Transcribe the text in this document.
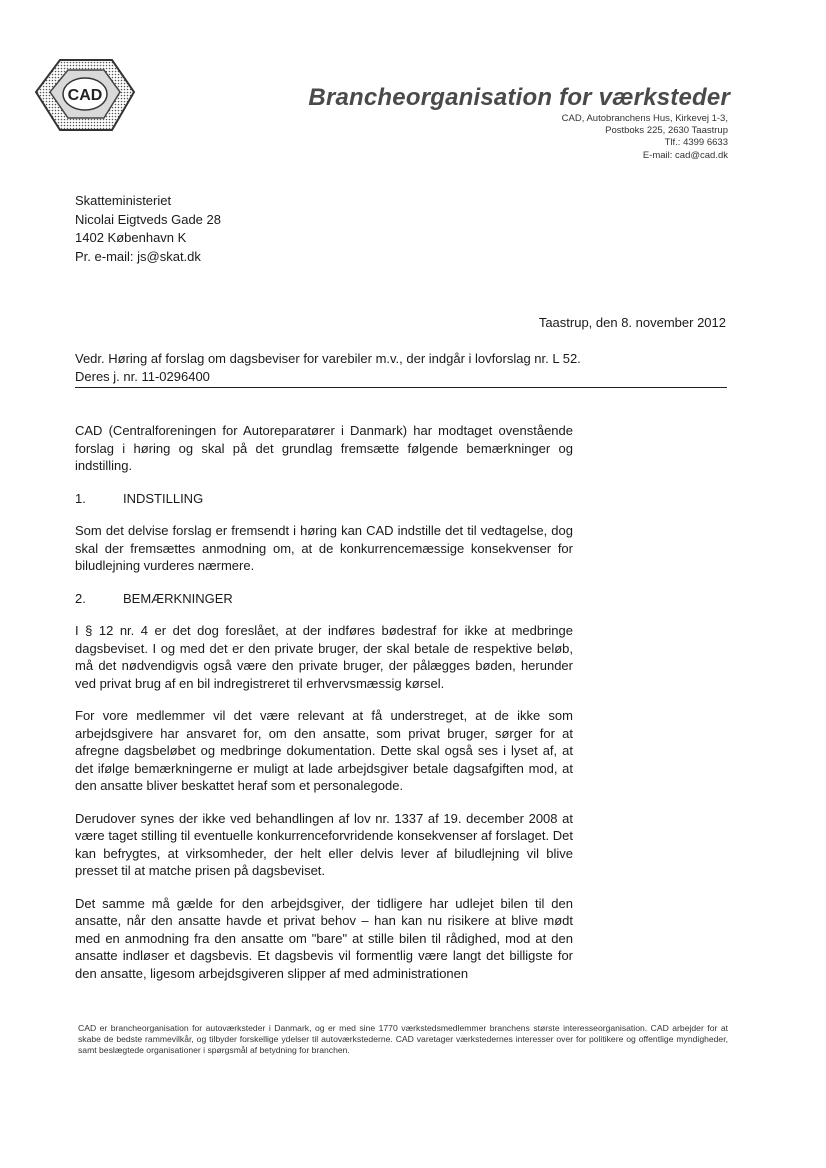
CAD	Brancheorganisation for værksteder
CAD, Autobranchens Hus, Kirkevej 1-3,
Postboks 225, 2630 Taastrup
Tlf.: 4399 6633
E-mail: cad@cad.dk
Skatteministeriet
Nicolai Eigtveds Gade 28
1402 København K
Pr. e-mail: js@skat.dk
Taastrup, den 8. november 2012
Vedr. Høring af forslag om dagsbeviser for varebiler m.v., der indgår i lovforslag nr. L 52.
Deres j. nr. 11-0296400

CAD (Centralforeningen for Autoreparatører i Danmark) har modtaget ovenstående forslag i høring og skal på det grundlag fremsætte følgende bemærkninger og indstilling.

1.	INDSTILLING

Som det delvise forslag er fremsendt i høring kan CAD indstille det til vedtagelse, dog skal der fremsættes anmodning om, at de konkurrencemæssige konsekvenser for biludlejning vurderes nærmere.

2.	BEMÆRKNINGER

I § 12 nr. 4 er det dog foreslået, at der indføres bødestraf for ikke at medbringe dagsbeviset. I og med det er den private bruger, der skal betale de respektive beløb, må det nødvendigvis også være den private bruger, der pålægges bøden, herunder ved privat brug af en bil indregistreret til erhvervsmæssig kørsel.

For vore medlemmer vil det være relevant at få understreget, at de ikke som arbejdsgivere har ansvaret for, om den ansatte, som privat bruger, sørger for at afregne dagsbeløbet og medbringe dokumentation. Dette skal også ses i lyset af, at det ifølge bemærkningerne er muligt at lade arbejdsgiver betale dagsafgiften mod, at den ansatte bliver beskattet heraf som et personalegode.

Derudover synes der ikke ved behandlingen af lov nr. 1337 af 19. december 2008 at være taget stilling til eventuelle konkurrenceforvridende konsekvenser af forslaget. Det kan befrygtes, at virksomheder, der helt eller delvis lever af biludlejning vil blive presset til at matche prisen på dagsbeviset.

Det samme må gælde for den arbejdsgiver, der tidligere har udlejet bilen til den ansatte, når den ansatte havde et privat behov – han kan nu risikere at blive mødt med en anmodning fra den ansatte om "bare" at stille bilen til rådighed, mod at den ansatte indløser et dagsbevis. Et dagsbevis vil formentlig være langt det billigste for den ansatte, ligesom arbejdsgiveren slipper af med administrationen

CAD er brancheorganisation for autoværksteder i Danmark, og er med sine 1770 værkstedsmedlemmer branchens største interesseorganisation. CAD arbejder for at skabe de bedste rammevilkår, og tilbyder forskellige ydelser til autoværkstederne. CAD varetager værkstedernes interesser over for politikere og offentlige myndigheder, samt beslægtede organisationer i spørgsmål af betydning for branchen.
